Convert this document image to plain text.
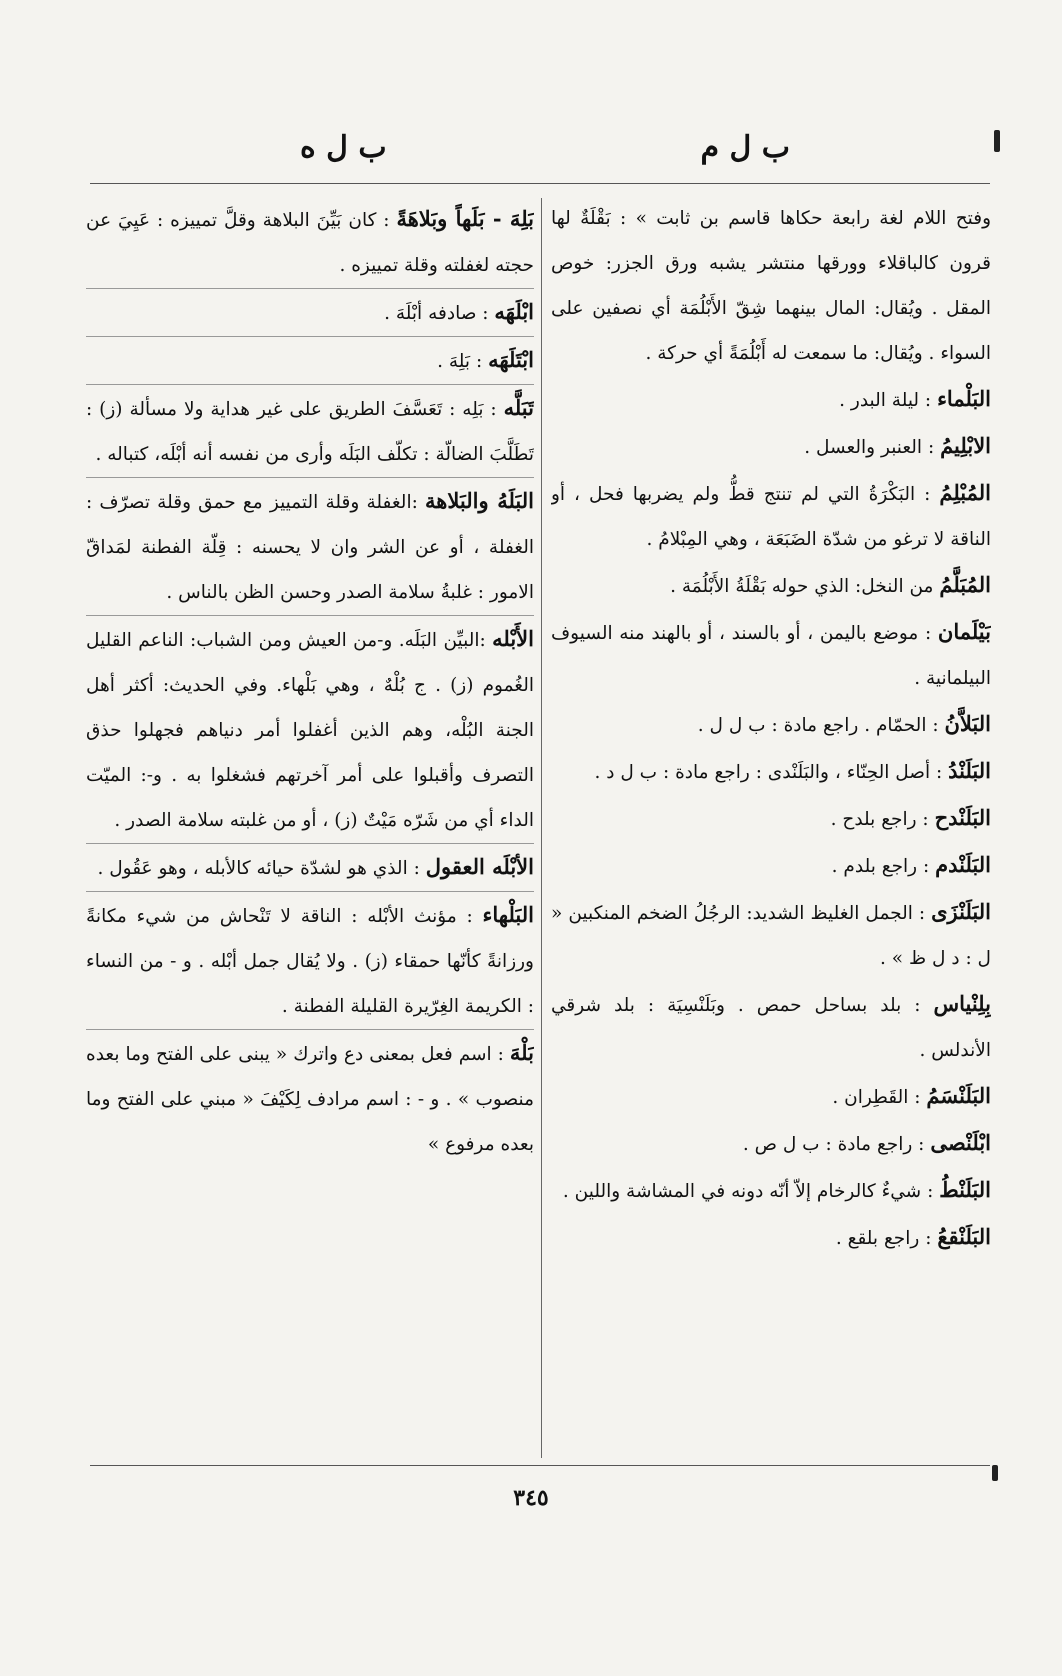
ب ل م
ب ل ه

وفتح اللام لغة رابعة حكاها قاسم بن ثابت » : بَقْلَةٌ لها قرون كالباقلاء وورقها منتشر يشبه ورق الجزر: خوص المقل . ويُقال: المال بينهما شِقّ الأَبْلُمَة أي نصفين على السواء . ويُقال: ما سمعت له أَبْلُمَةً أي حركة .

البَلْماء : ليلة البدر .

الابْلِيمُ : العنبر والعسل .

المُبْلِمُ : البَكْرَةُ التي لم تنتج قطُّ ولم يضربها فحل ، أو الناقة لا ترغو من شدّة الضَبَعَة ، وهي المِبْلامُ .

المُبَلَّمُ من النخل: الذي حوله بَقْلَةُ الأَبْلُمَة .

بَيْلَمان : موضع باليمن ، أو بالسند ، أو بالهند منه السيوف البيلمانية .

البَلاَّنُ : الحمّام . راجع مادة : ب ل ل .

البَلَنْدُ : أصل الحِنّاء ، والبَلَنْدى : راجع مادة : ب ل د .

البَلَنْدح : راجع بلدح .

البَلَنْدم : راجع بلدم .

البَلَنْزَى : الجمل الغليظ الشديد: الرجُلُ الضخم المنكبين « ل : د ل ظ » .

بِلِنْياس : بلد بساحل حمص . وبَلَنْسِيَة : بلد شرقي الأندلس .

البَلَنْسَمُ : القَطِران .

ابْلَنْصى : راجع مادة : ب ل ص .

البَلَنْطُ : شيءٌ كالرخام إلاّ أنّه دونه في المشاشة واللين .

البَلَنْقعُ : راجع بلقع .

بَلِهَ - بَلَهاً وبَلاهَةً : كان بَيِّنَ البلاهة وقلَّ تمييزه : عَيِيَ عن حجته لغفلته وقلة تمييزه .

ابْلَهَه : صادفه أبْلَهَ .

ابْتَلَهَه : بَلِهَ .

تَبَلَّه : بَلِه : تَعَسَّفَ الطريق على غير هداية ولا مسألة (ز) : تَطَلَّبَ الضالّة : تكلّف البَلَه وأرى من نفسه أنه أبْلَه، كتباله .

البَلَهُ والبَلاهة :الغفلة وقلة التمييز مع حمق وقلة تصرّف : الغفلة ، أو عن الشر وان لا يحسنه : قِلّة الفطنة لمَداقّ الامور : غلبةُ سلامة الصدر وحسن الظن بالناس .

الأَبْله :البيِّن البَلَه. و-من العيش ومن الشباب: الناعم القليل الغُموم (ز) . ج بُلْهٌ ، وهي بَلْهاء. وفي الحديث: أكثر أهل الجنة البُلْه، وهم الذين أغفلوا أمر دنياهم فجهلوا حذق التصرف وأقبلوا على أمر آخرتهم فشغلوا به . و-: الميّت الداء أي من شَرّه مَيْتٌ (ز) ، أو من غلبته سلامة الصدر .

الأبْلَه العقول : الذي هو لشدّة حيائه كالأبله ، وهو عَقُول .

البَلْهاء : مؤنث الأبْله : الناقة لا تَنْحاش من شيء مكانةً ورزانةً كأنّها حمقاء (ز) . ولا يُقال جمل أبْله . و - من النساء : الكريمة الغِرّيرة القليلة الفطنة .

بَلْهَ : اسم فعل بمعنى دع واترك « يبنى على الفتح وما بعده منصوب » . و - : اسم مرادف لِكَيْفَ « مبني على الفتح وما بعده مرفوع »

٣٤٥
